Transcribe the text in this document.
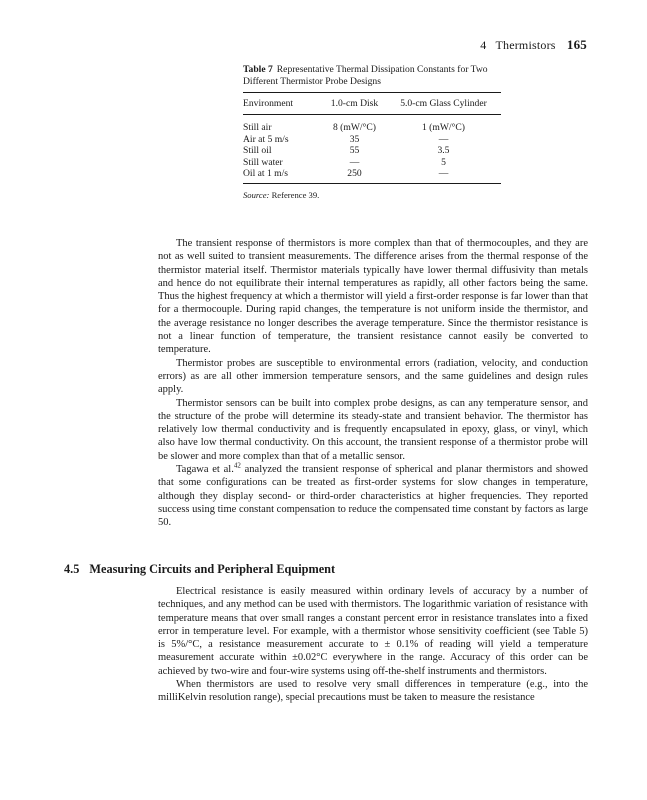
4 Thermistors 165
Table 7 Representative Thermal Dissipation Constants for Two Different Thermistor Probe Designs
Environment	1.0-cm Disk	5.0-cm Glass Cylinder
Still air	8 (mW/°C)	1 (mW/°C)
Air at 5 m/s	35	—
Still oil	55	3.5
Still water	—	5
Oil at 1 m/s	250	—
Source: Reference 39.

The transient response of thermistors is more complex than that of thermocouples, and they are not as well suited to transient measurements. The difference arises from the thermal response of the thermistor material itself. Thermistor materials typically have lower thermal diffusivity than metals and hence do not equilibrate their internal temperatures as rapidly, all other factors being the same. Thus the highest frequency at which a thermistor will yield a first-order response is far lower than that for a thermocouple. During rapid changes, the temperature is not uniform inside the thermistor, and the average resistance no longer describes the average temperature. Since the thermistor resistance is not a linear function of temperature, the transient resistance cannot easily be converted to temperature.

Thermistor probes are susceptible to environmental errors (radiation, velocity, and conduction errors) as are all other immersion temperature sensors, and the same guidelines and design rules apply.

Thermistor sensors can be built into complex probe designs, as can any temperature sensor, and the structure of the probe will determine its steady-state and transient behavior. The thermistor has relatively low thermal conductivity and is frequently encapsulated in epoxy, glass, or vinyl, which also have low thermal conductivity. On this account, the transient response of a thermistor probe will be slower and more complex than that of a metallic sensor.

Tagawa et al.$^{42}$ analyzed the transient response of spherical and planar thermistors and showed that some configurations can be treated as first-order systems for slow changes in temperature, although they display second- or third-order characteristics at higher frequencies. They reported success using time constant compensation to reduce the compensated time constant by factors as large 50.

4.5 Measuring Circuits and Peripheral Equipment

Electrical resistance is easily measured within ordinary levels of accuracy by a number of techniques, and any method can be used with thermistors. The logarithmic variation of resistance with temperature means that over small ranges a constant percent error in resistance translates into a fixed error in temperature level. For example, with a thermistor whose sensitivity coefficient (see Table 5) is 5%/°C, a resistance measurement accurate to ± 0.1% of reading will yield a temperature measurement accurate within ±0.02°C everywhere in the range. Accuracy of this order can be achieved by two-wire and four-wire systems using off-the-shelf instruments and thermistors.

When thermistors are used to resolve very small differences in temperature (e.g., into the milliKelvin resolution range), special precautions must be taken to measure the resistance
